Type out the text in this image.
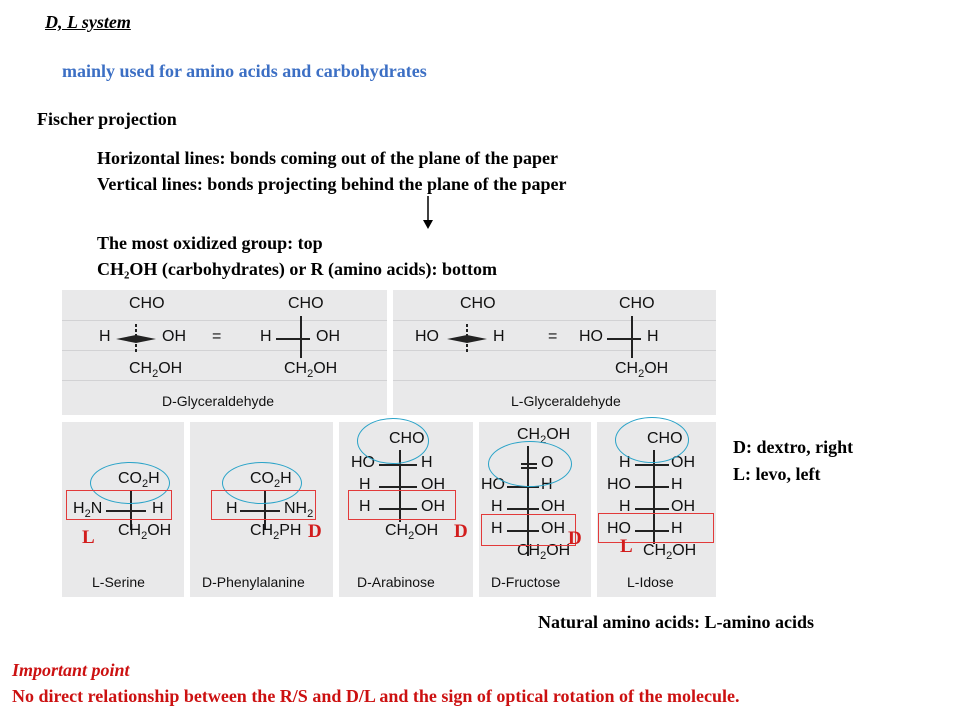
D, L system
mainly used for amino acids and carbohydrates
Fischer projection
Horizontal lines: bonds coming out of the plane of the paper
Vertical lines: bonds projecting behind the plane of the paper
The most oxidized group: top
CH₂OH (carbohydrates) or R (amino acids): bottom
CHO
H	OH
$CH_2OH$
=
CHO
H	OH
$CH_2OH$
D-Glyceraldehyde
CHO
HO	H	=
CHO
HO	H
$CH_2OH$
L-Glyceraldehyde
$CO_2H$
$H_2N$	H
$CH_2OH$
L-Serine
$CO_2H$
H	$NH_2$
$CH_2PH$
D-Phenylalanine
CHO
HO	H
H	OH
H	OH
$CH_2OH$
D-Arabinose
$CH_2OH$
O
HO H
H OH
H OH
$CH_2OH$
D-Fructose
CHO
H	OH
HO	H
H	OH
HO	H
$CH_2OH$
L-Idose
L	D	D	D L
D: dextro, right
L: levo, left
Natural amino acids: L-amino acids
Important point
No direct relationship between the R/S and D/L and the sign of optical rotation of the molecule.
